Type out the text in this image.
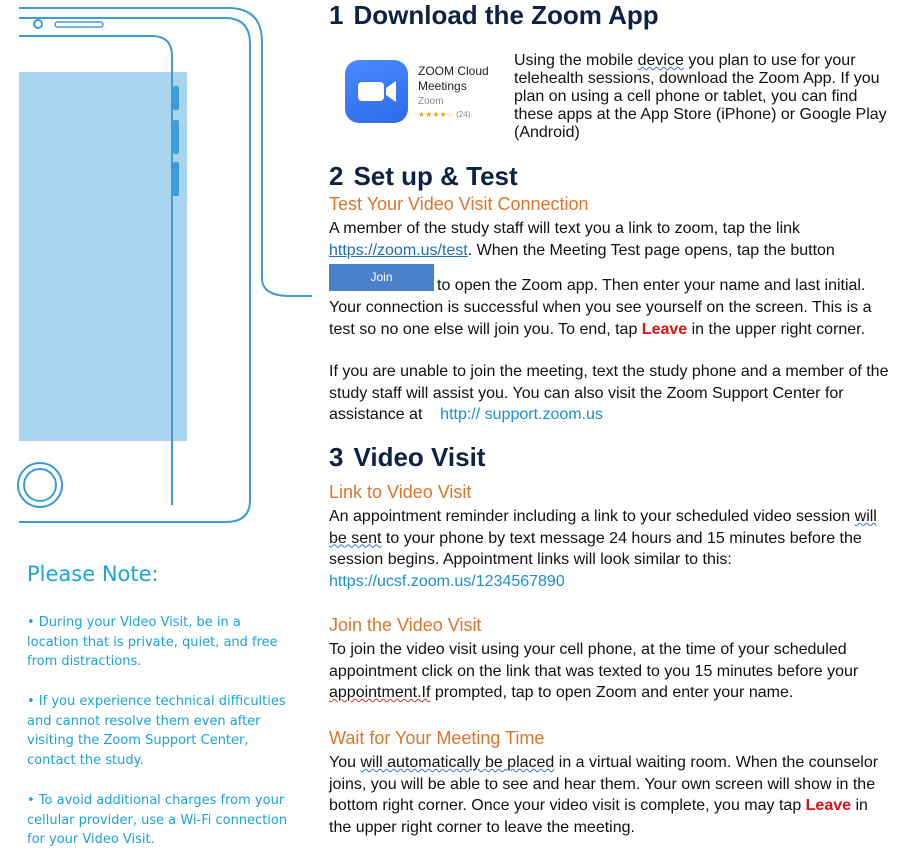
Please Note:
• During your Video Visit, be in a location that is private, quiet, and free from distractions.
• If you experience technical difficulties and cannot resolve them even after visiting the Zoom Support Center, contact the study.
• To avoid additional charges from your cellular provider, use a Wi-Fi connection for your Video Visit.
1 Download the Zoom App
ZOOM Cloud Meetings
Zoom
★★★★☆ (24)
Using the mobile device you plan to use for your telehealth sessions, download the Zoom App. If you plan on using a cell phone or tablet, you can find these apps at the App Store (iPhone) or Google Play (Android)
2 Set up & Test
Test Your Video Visit Connection
A member of the study staff will text you a link to zoom, tap the link
https://zoom.us/test. When the Meeting Test page opens, tap the button
Join	to open the Zoom app. Then enter your name and last initial.
Your connection is successful when you see yourself on the screen. This is a
test so no one else will join you. To end, tap Leave in the upper right corner.
If you are unable to join the meeting, text the study phone and a member of the
study staff will assist you. You can also visit the Zoom Support Center for
assistance at http:// support.zoom.us
3 Video Visit
Link to Video Visit
An appointment reminder including a link to your scheduled video session will
be sent to your phone by text message 24 hours and 15 minutes before the
session begins. Appointment links will look similar to this:
https://ucsf.zoom.us/1234567890
Join the Video Visit
To join the video visit using your cell phone, at the time of your scheduled
appointment click on the link that was texted to you 15 minutes before your
appointment.If prompted, tap to open Zoom and enter your name.
Wait for Your Meeting Time
You will automatically be placed in a virtual waiting room. When the counselor
joins, you will be able to see and hear them. Your own screen will show in the
bottom right corner. Once your video visit is complete, you may tap Leave in
the upper right corner to leave the meeting.
